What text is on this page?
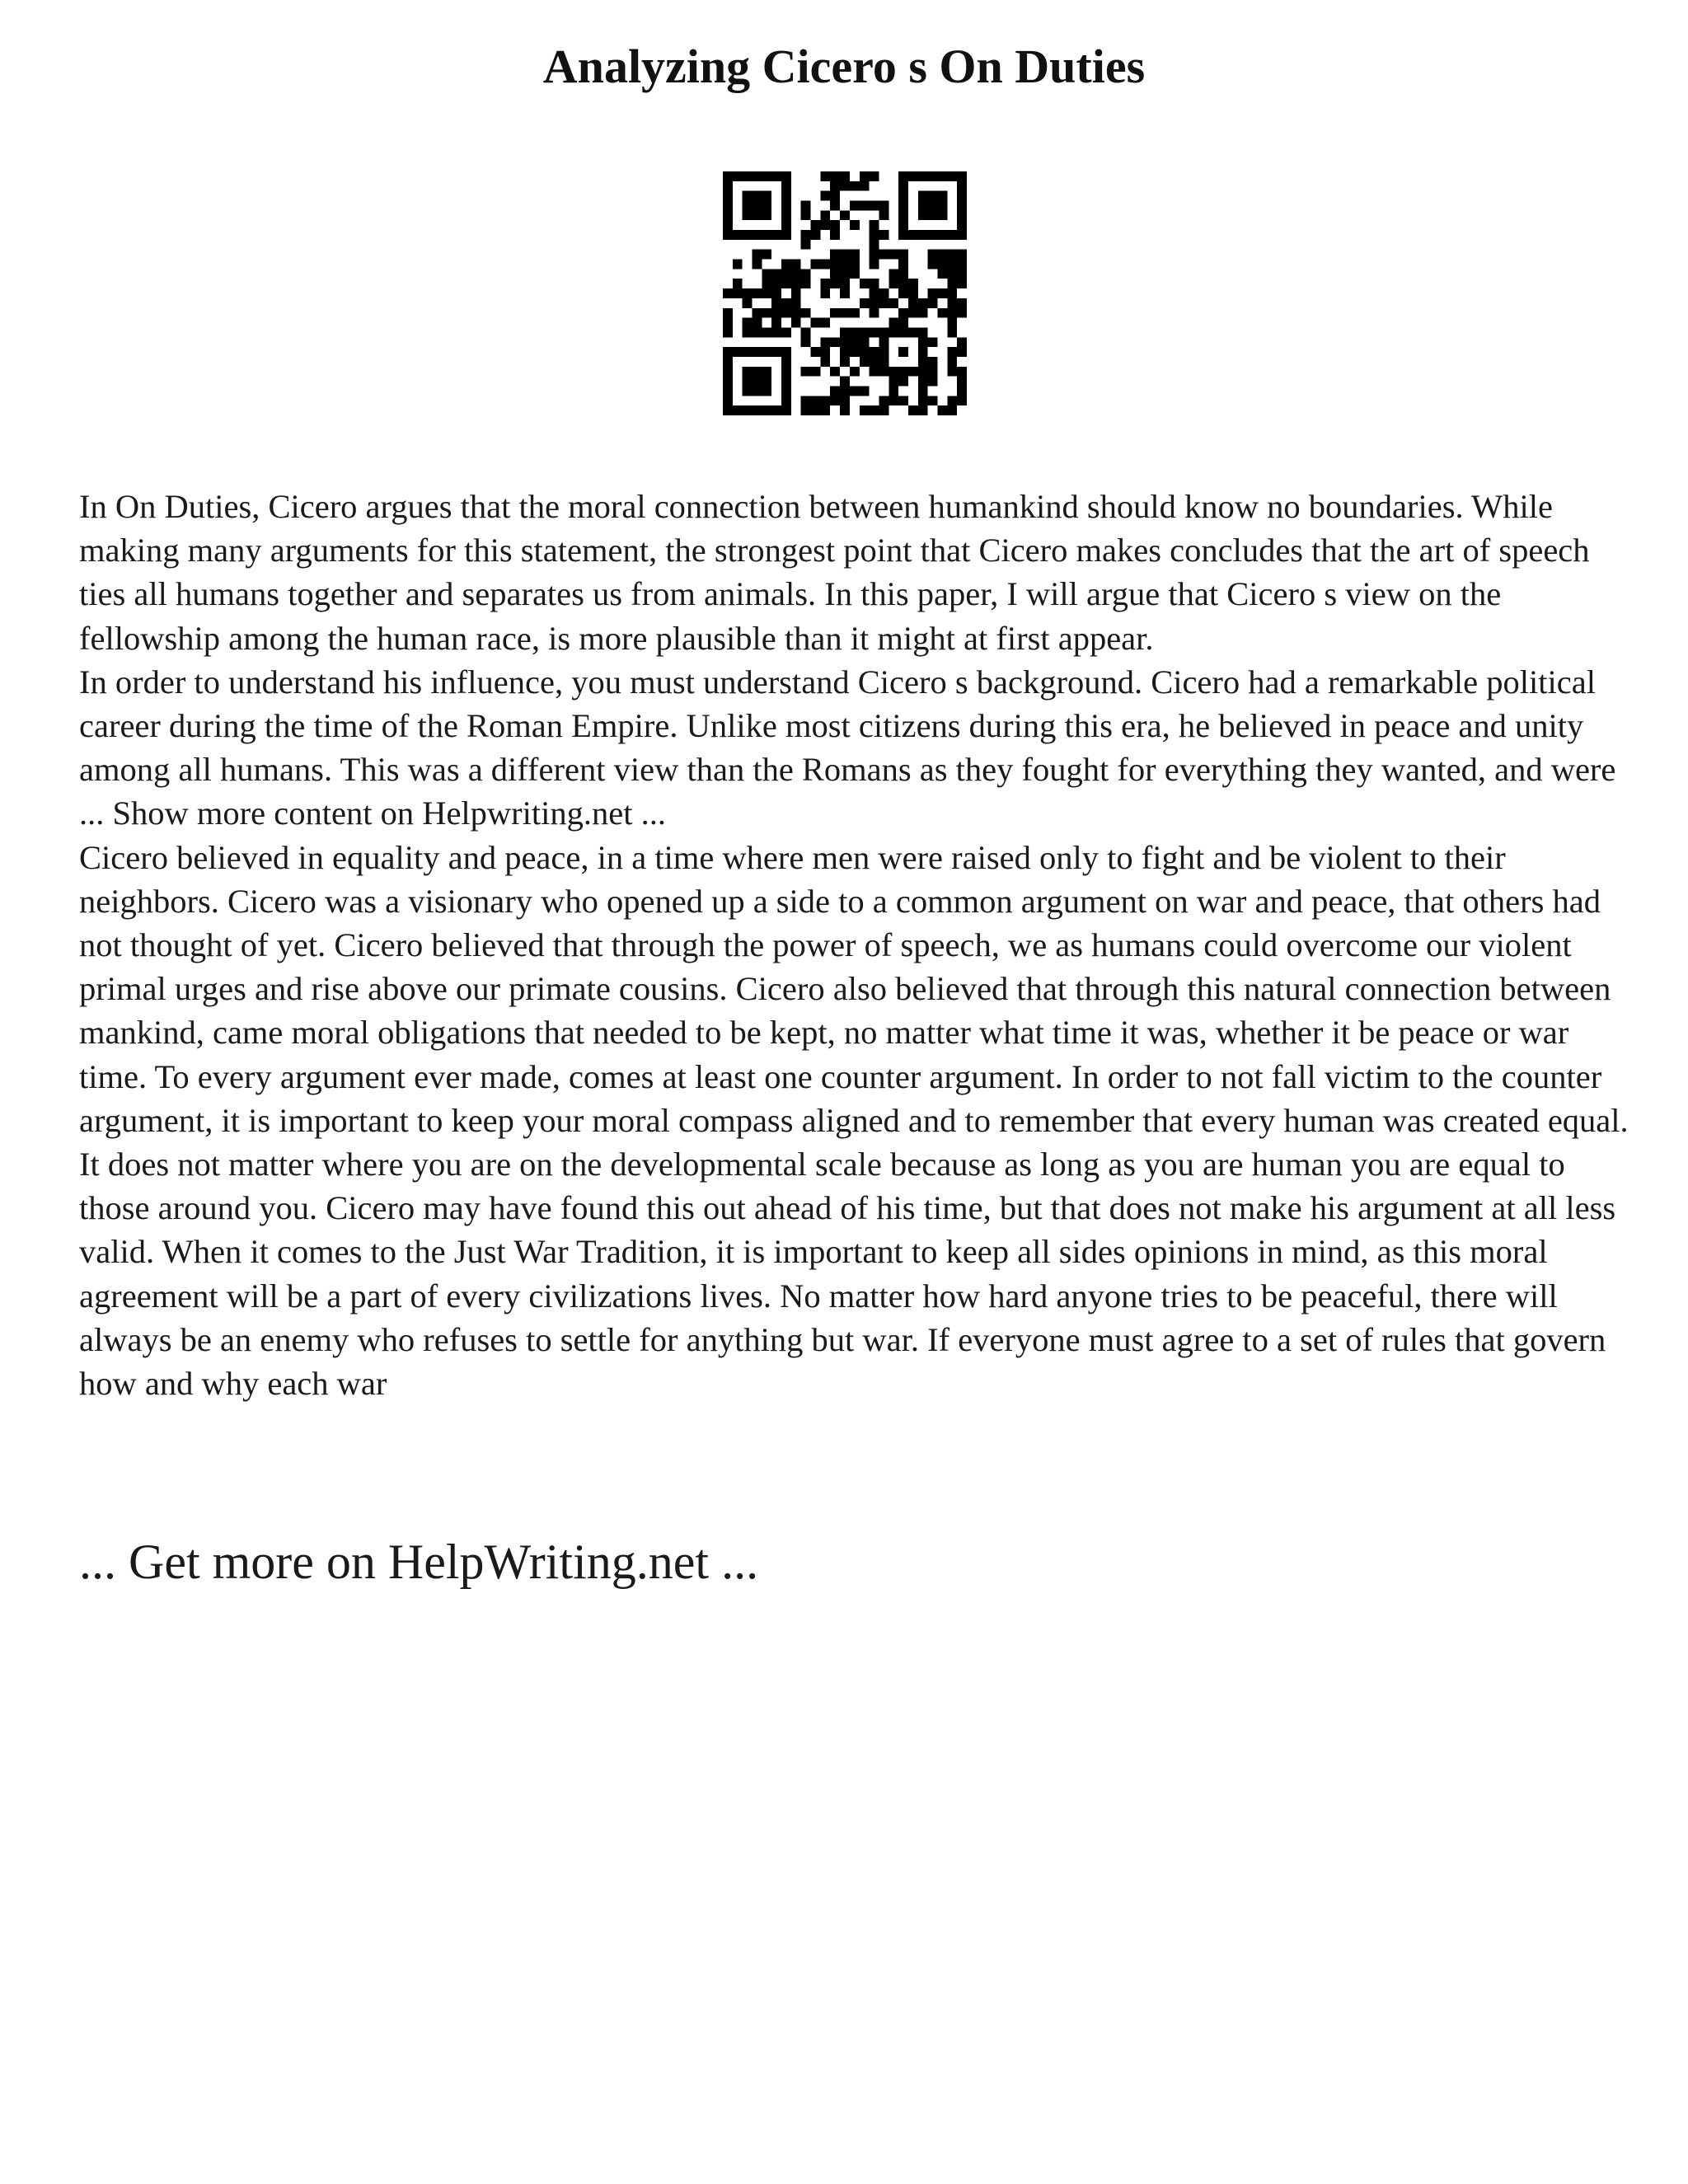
Analyzing Cicero s On Duties

In On Duties, Cicero argues that the moral connection between humankind should know no boundaries. While making many arguments for this statement, the strongest point that Cicero makes concludes that the art of speech ties all humans together and separates us from animals. In this paper, I will argue that Cicero s view on the fellowship among the human race, is more plausible than it might at first appear.

In order to understand his influence, you must understand Cicero s background. Cicero had a remarkable political career during the time of the Roman Empire. Unlike most citizens during this era, he believed in peace and unity among all humans. This was a different view than the Romans as they fought for everything they wanted, and were ... Show more content on Helpwriting.net ...

Cicero believed in equality and peace, in a time where men were raised only to fight and be violent to their neighbors. Cicero was a visionary who opened up a side to a common argument on war and peace, that others had not thought of yet. Cicero believed that through the power of speech, we as humans could overcome our violent primal urges and rise above our primate cousins. Cicero also believed that through this natural connection between mankind, came moral obligations that needed to be kept, no matter what time it was, whether it be peace or war time. To every argument ever made, comes at least one counter argument. In order to not fall victim to the counter argument, it is important to keep your moral compass aligned and to remember that every human was created equal. It does not matter where you are on the developmental scale because as long as you are human you are equal to those around you. Cicero may have found this out ahead of his time, but that does not make his argument at all less valid. When it comes to the Just War Tradition, it is important to keep all sides opinions in mind, as this moral agreement will be a part of every civilizations lives. No matter how hard anyone tries to be peaceful, there will always be an enemy who refuses to settle for anything but war. If everyone must agree to a set of rules that govern how and why each war

... Get more on HelpWriting.net ...
